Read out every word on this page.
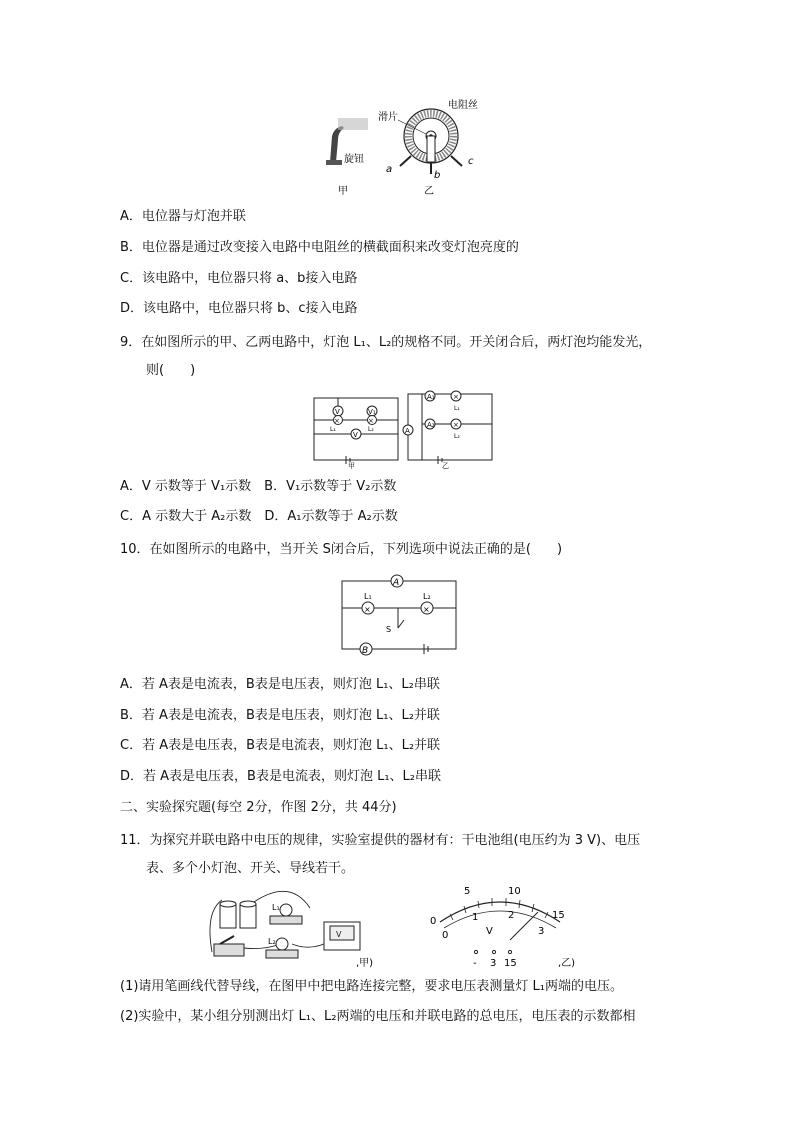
旋钮
甲
滑片
电阻丝
a
b
c
乙
A．电位器与灯泡并联
B．电位器是通过改变接入电路中电阻丝的横截面积来改变灯泡亮度的
C．该电路中，电位器只将 a、b接入电路
D．该电路中，电位器只将 b、c接入电路
9．在如图所示的甲、乙两电路中，灯泡 L₁、L₂的规格不同。开关闭合后，两灯泡均能发光，
则(　　)
V	V₁
×	×
L₁	L₂
V
甲
A₁	×
A₂	×
L₁
L₂
A
乙
A．V 示数等于 V₁示数　B．V₁示数等于 V₂示数
C．A 示数大于 A₂示数　D．A₁示数等于 A₂示数
10．在如图所示的电路中，当开关 S闭合后，下列选项中说法正确的是(　　)
A
×	×
L₁	L₂
S
B
A．若 A表是电流表，B表是电压表，则灯泡 L₁、L₂串联
B．若 A表是电流表，B表是电压表，则灯泡 L₁、L₂并联
C．若 A表是电压表，B表是电流表，则灯泡 L₁、L₂并联
D．若 A表是电压表，B表是电流表，则灯泡 L₁、L₂串联
二、实验探究题(每空 2分，作图 2分，共 44分)
11．为探究并联电路中电压的规律，实验室提供的器材有：干电池组(电压约为 3 V)、电压
表、多个小灯泡、开关、导线若干。
V
L₁
L₂
,甲)
0
5	10
15
0
1	2
3
V
- 3 15	,乙)
(1)请用笔画线代替导线，在图甲中把电路连接完整，要求电压表测量灯 L₁两端的电压。
(2)实验中，某小组分别测出灯 L₁、L₂两端的电压和并联电路的总电压，电压表的示数都相
